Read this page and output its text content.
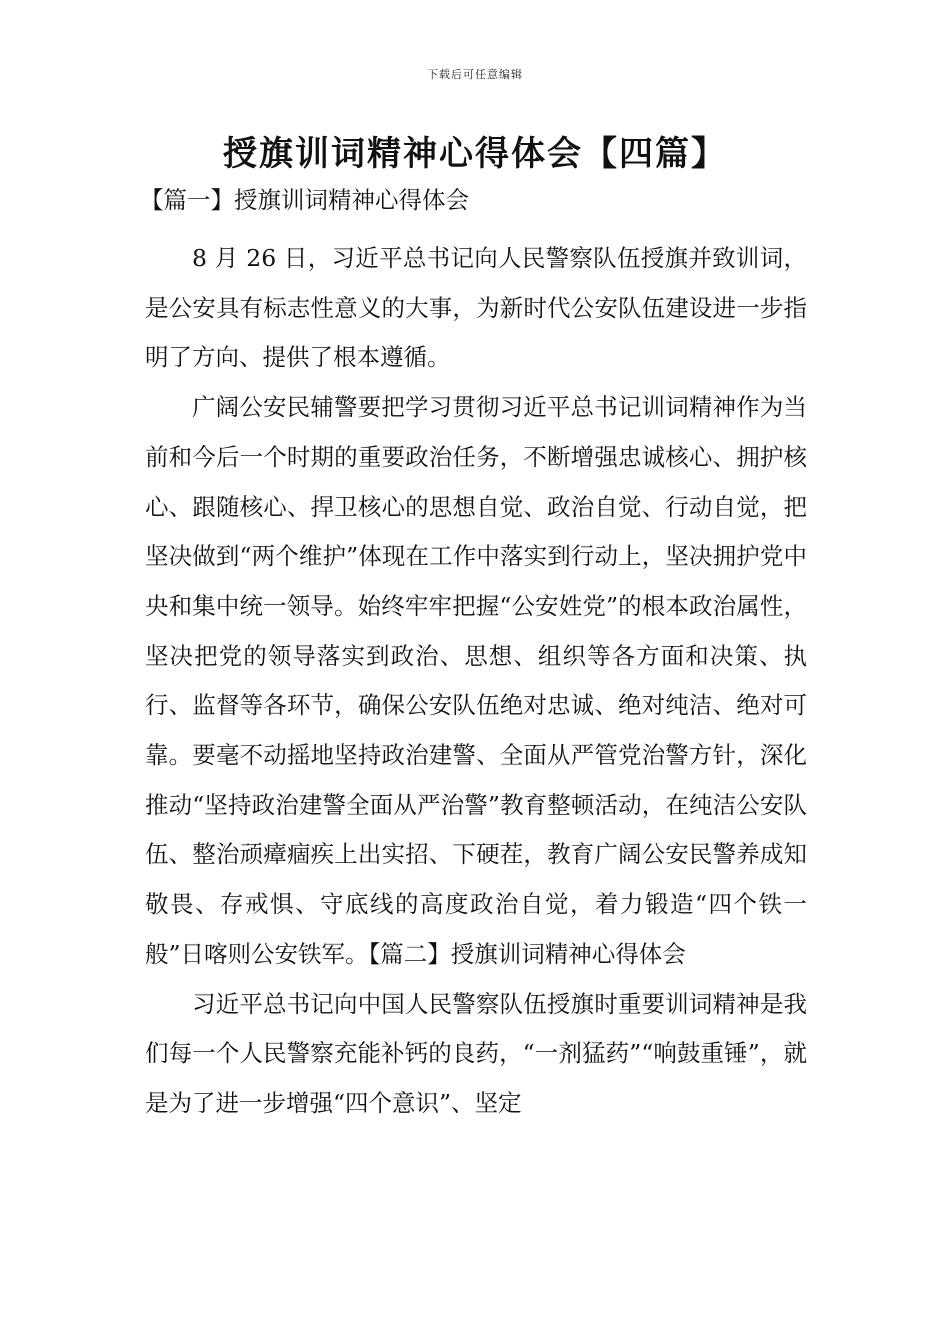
下载后可任意编辑
授旗训词精神心得体会【四篇】
【篇一】授旗训词精神心得体会

8 月 26 日，习近平总书记向人民警察队伍授旗并致训词，是公安具有标志性意义的大事，为新时代公安队伍建设进一步指明了方向、提供了根本遵循。

广阔公安民辅警要把学习贯彻习近平总书记训词精神作为当前和今后一个时期的重要政治任务，不断增强忠诚核心、拥护核心、跟随核心、捍卫核心的思想自觉、政治自觉、行动自觉，把坚决做到“两个维护”体现在工作中落实到行动上，坚决拥护党中央和集中统一领导。始终牢牢把握“公安姓党”的根本政治属性，坚决把党的领导落实到政治、思想、组织等各方面和决策、执行、监督等各环节，确保公安队伍绝对忠诚、绝对纯洁、绝对可靠。要毫不动摇地坚持政治建警、全面从严管党治警方针，深化推动“坚持政治建警全面从严治警”教育整顿活动，在纯洁公安队伍、整治顽瘴痼疾上出实招、下硬茬，教育广阔公安民警养成知敬畏、存戒惧、守底线的高度政治自觉，着力锻造“四个铁一般”日喀则公安铁军。【篇二】授旗训词精神心得体会

习近平总书记向中国人民警察队伍授旗时重要训词精神是我们每一个人民警察充能补钙的良药，“一剂猛药”“响鼓重锤”，就是为了进一步增强“四个意识”、坚定
